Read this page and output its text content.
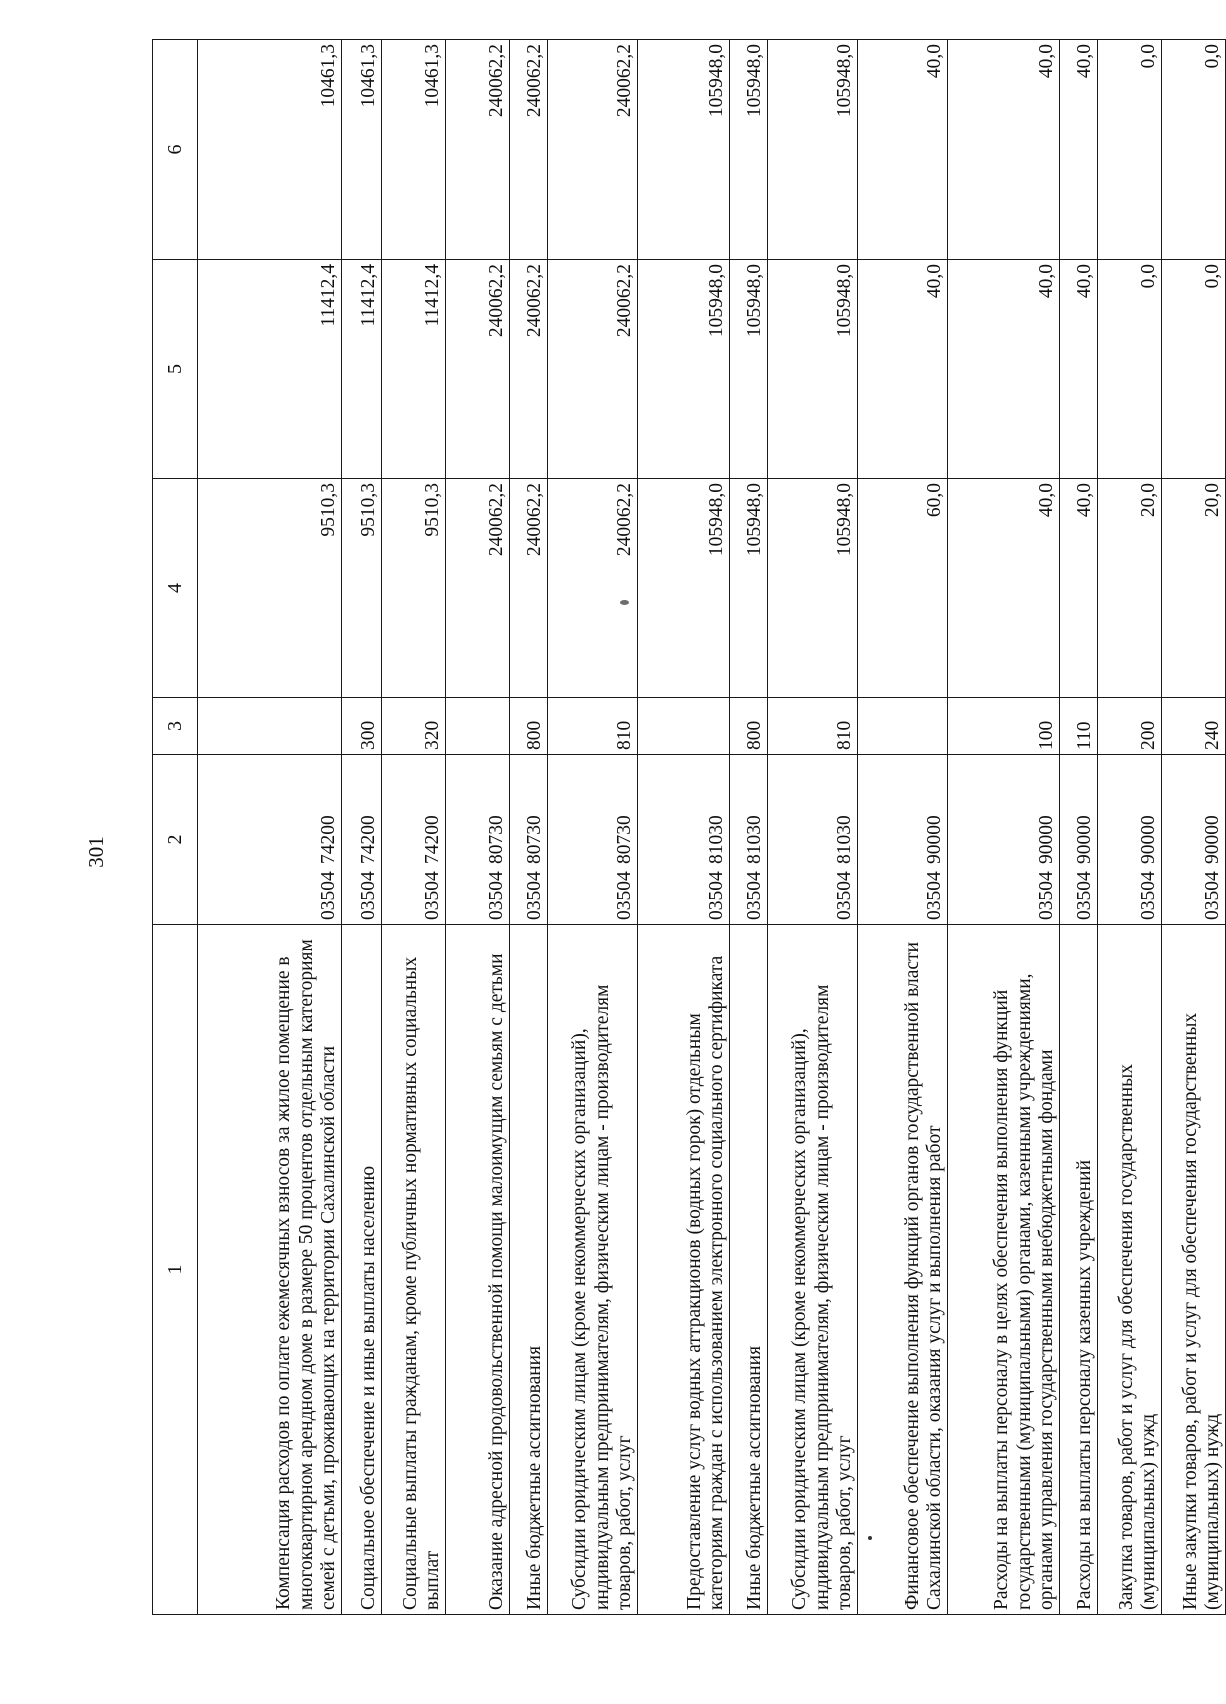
301
1	2	3	4	5	6
Компенсация расходов по оплате ежемесячных взносов за жилое помещение в многоквартирном арендном доме в размере 50 процентов отдельным категориям семей с детьми, проживающих на территории Сахалинской области	0350474200		9510,3	11412,4	10461,3
Социальное обеспечение и иные выплаты населению	0350474200	300	9510,3	11412,4	10461,3
Социальные выплаты гражданам, кроме публичных нормативных социальных выплат	0350474200	320	9510,3	11412,4	10461,3
Оказание адресной продовольственной помощи малоимущим семьям с детьми	0350480730		240062,2	240062,2	240062,2
Иные бюджетные ассигнования	0350480730	800	240062,2	240062,2	240062,2
Субсидии юридическим лицам (кроме некоммерческих организаций), индивидуальным предпринимателям, физическим лицам - производителям товаров, работ, услуг	0350480730	810	240062,2	240062,2	240062,2
Предоставление услуг водных аттракционов (водных горок) отдельным категориям граждан с использованием электронного социального сертификата	0350481030		105948,0	105948,0	105948,0
Иные бюджетные ассигнования	0350481030	800	105948,0	105948,0	105948,0
Субсидии юридическим лицам (кроме некоммерческих организаций), индивидуальным предпринимателям, физическим лицам - производителям товаров, работ, услуг	0350481030	810	105948,0	105948,0	105948,0
Финансовое обеспечение выполнения функций органов государственной власти Сахалинской области, оказания услуг и выполнения работ	0350490000		60,0	40,0	40,0
Расходы на выплаты персоналу в целях обеспечения выполнения функций государственными (муниципальными) органами, казенными учреждениями, органами управления государственными внебюджетными фондами	0350490000	100	40,0	40,0	40,0
Расходы на выплаты персоналу казенных учреждений	0350490000	110	40,0	40,0	40,0
Закупка товаров, работ и услуг для обеспечения государственных (муниципальных) нужд	0350490000	200	20,0	0,0	0,0
Иные закупки товаров, работ и услуг для обеспечения государственных (муниципальных) нужд	0350490000	240	20,0	0,0	0,0
